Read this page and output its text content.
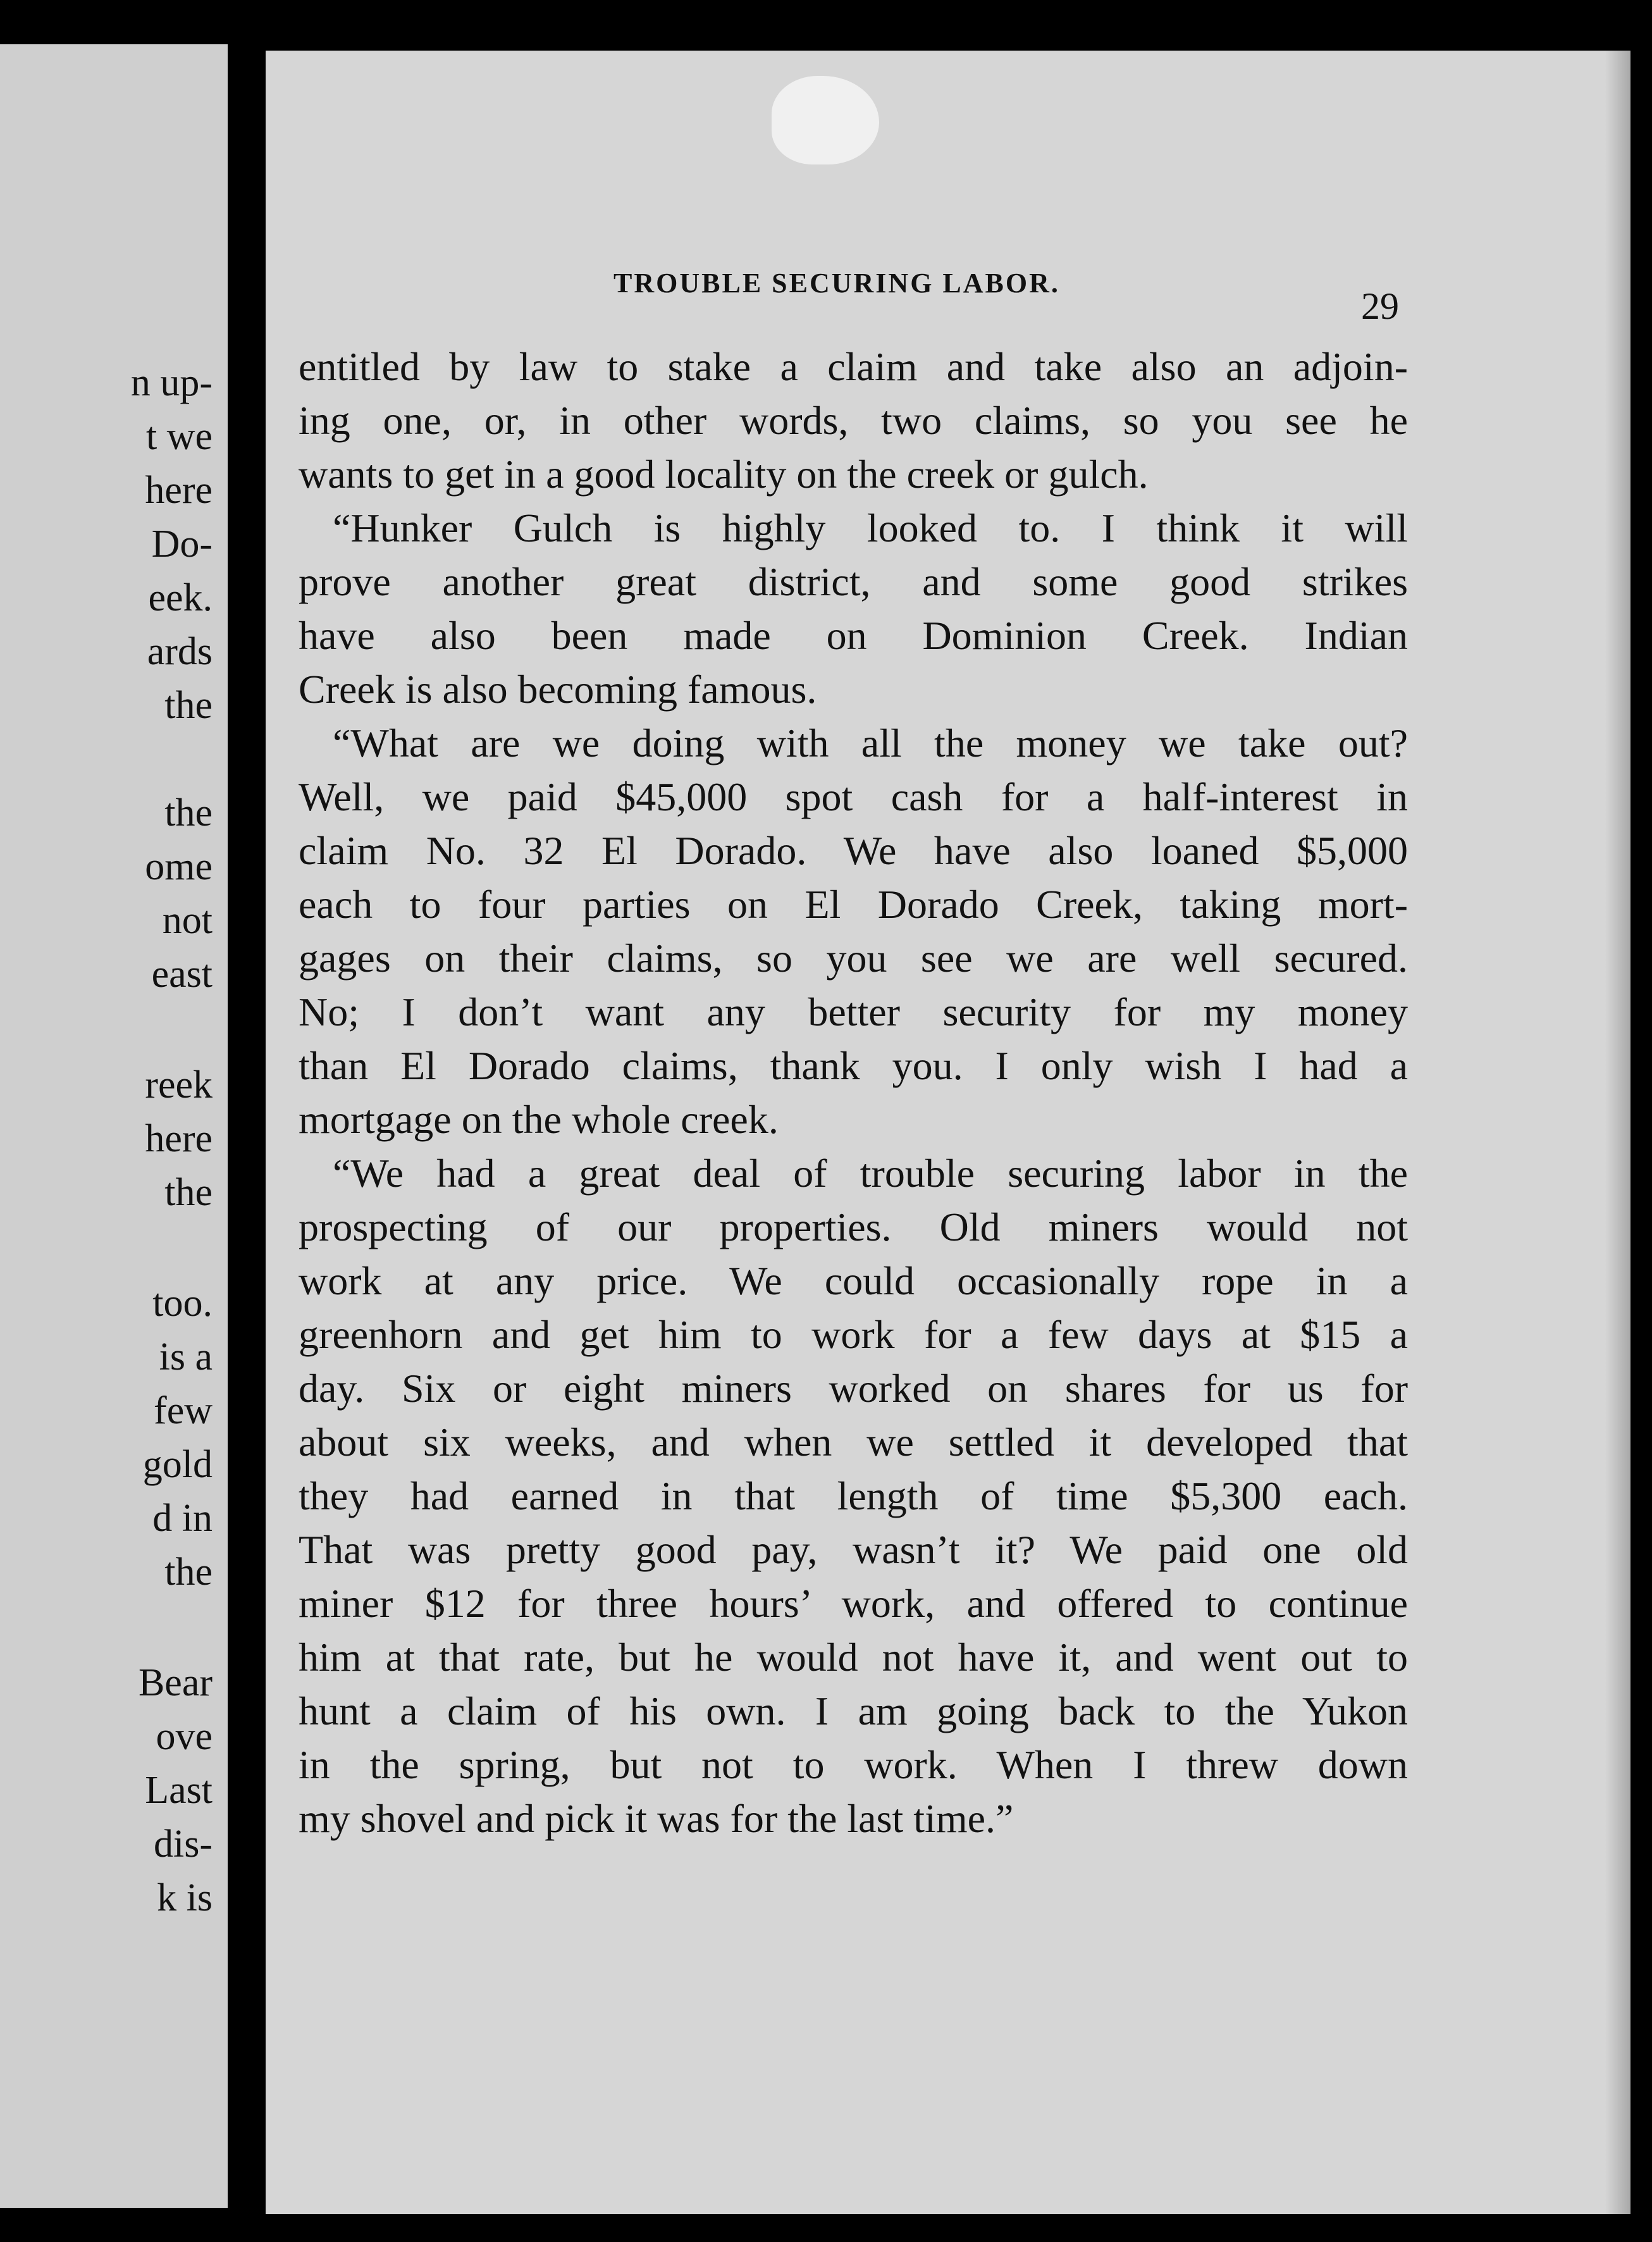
n up-
t we
here
Do-
eek.
ards
the
the
ome
not
east
reek
here
the
too.
is a
few
gold
d in
the
Bear
ove
Last
dis-
k is
TROUBLE SECURING LABOR.
29
entitled by law to stake a claim and take also an adjoin-
ing one, or, in other words, two claims, so you see he
wants to get in a good locality on the creek or gulch.
“Hunker Gulch is highly looked to. I think it will
prove another great district, and some good strikes
have also been made on Dominion Creek. Indian
Creek is also becoming famous.
“What are we doing with all the money we take out?
Well, we paid $45,000 spot cash for a half-interest in
claim No. 32 El Dorado. We have also loaned $5,000
each to four parties on El Dorado Creek, taking mort-
gages on their claims, so you see we are well secured.
No; I don’t want any better security for my money
than El Dorado claims, thank you. I only wish I had a
mortgage on the whole creek.
“We had a great deal of trouble securing labor in the
prospecting of our properties. Old miners would not
work at any price. We could occasionally rope in a
greenhorn and get him to work for a few days at $15 a
day. Six or eight miners worked on shares for us for
about six weeks, and when we settled it developed that
they had earned in that length of time $5,300 each.
That was pretty good pay, wasn’t it? We paid one old
miner $12 for three hours’ work, and offered to continue
him at that rate, but he would not have it, and went out to
hunt a claim of his own. I am going back to the Yukon
in the spring, but not to work. When I threw down
my shovel and pick it was for the last time.”
